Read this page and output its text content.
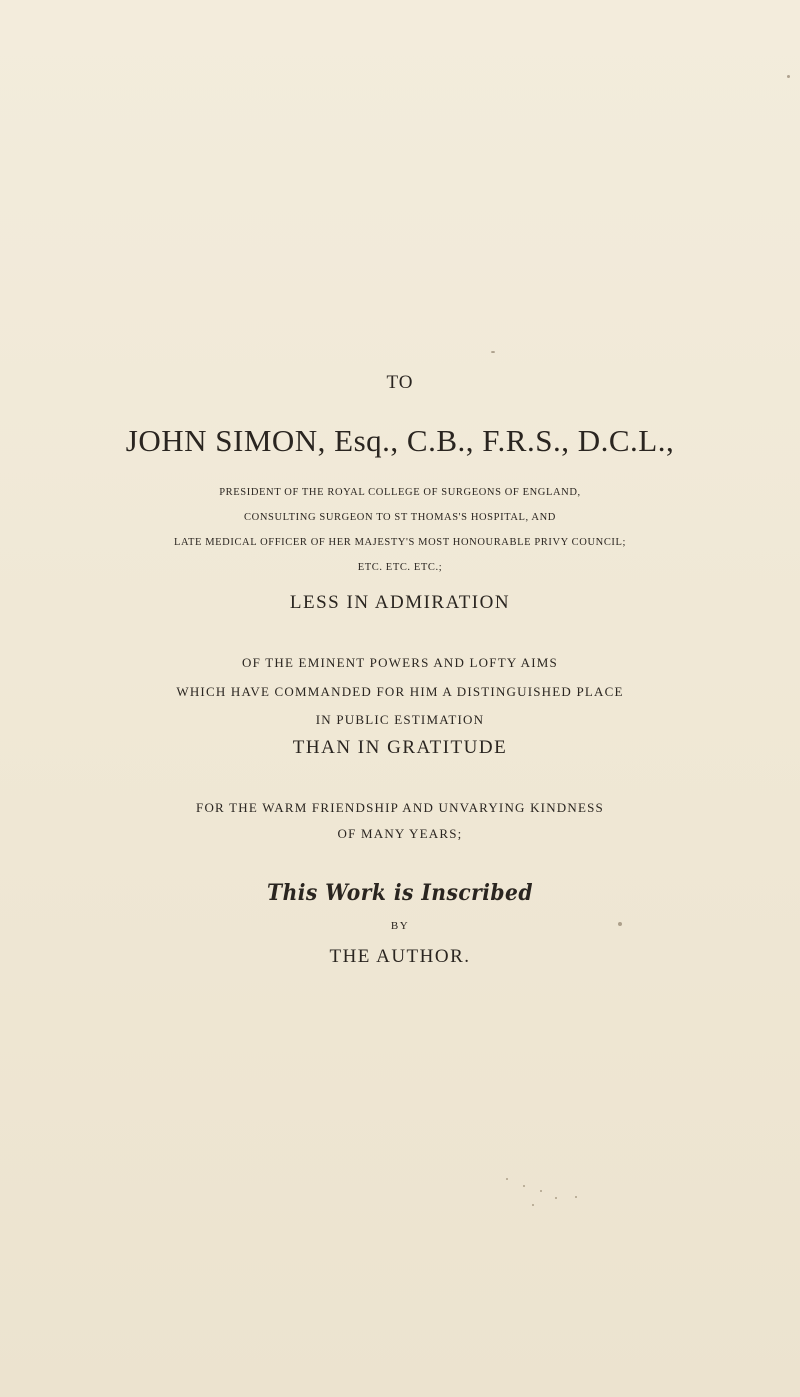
TO
JOHN SIMON, Esq., C.B., F.R.S., D.C.L.,
PRESIDENT OF THE ROYAL COLLEGE OF SURGEONS OF ENGLAND,
CONSULTING SURGEON TO ST THOMAS'S HOSPITAL, AND
LATE MEDICAL OFFICER OF HER MAJESTY'S MOST HONOURABLE PRIVY COUNCIL;
ETC. ETC. ETC.;
LESS IN ADMIRATION
OF THE EMINENT POWERS AND LOFTY AIMS
WHICH HAVE COMMANDED FOR HIM A DISTINGUISHED PLACE
IN PUBLIC ESTIMATION
THAN IN GRATITUDE
FOR THE WARM FRIENDSHIP AND UNVARYING KINDNESS
OF MANY YEARS;
This Work is Inscribed
BY
THE AUTHOR.
